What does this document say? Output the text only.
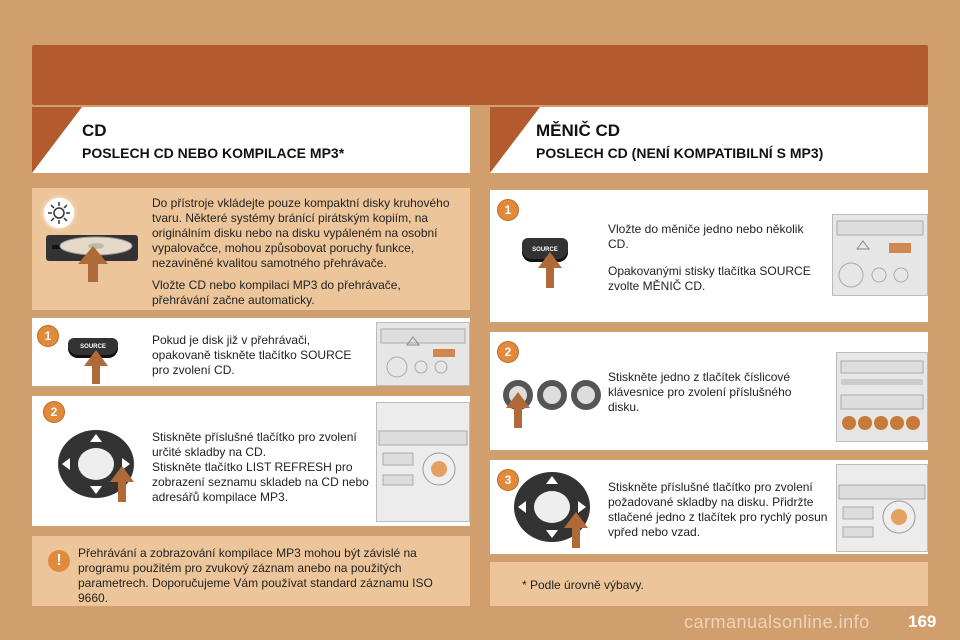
CD
POSLECH CD NEBO KOMPILACE MP3*
MĚNIČ CD
POSLECH CD (NENÍ KOMPATIBILNÍ S MP3)
Do přístroje vkládejte pouze kompaktní disky kruhového tvaru. Některé systémy bránící pirátským kopiím, na originálním disku nebo na disku vypáleném na osobní vypalovačce, mohou způsobovat poruchy funkce, nezaviněné kvalitou samotného přehrávače.
Vložte CD nebo kompilaci MP3 do přehrávače, přehrávání začne automaticky.
1
SOURCE	Pokud je disk již v přehrávači, opakovaně tiskněte tlačítko SOURCE pro zvolení CD.
2
Stiskněte příslušné tlačítko pro zvolení určité skladby na CD.
Stiskněte tlačítko LIST REFRESH pro zobrazení seznamu skladeb na CD nebo adresářů kompilace MP3.
!	Přehrávání a zobrazování kompilace MP3 mohou být závislé na programu použitém pro zvukový záznam anebo na použitých parametrech. Doporučujeme Vám používat standard záznamu ISO 9660.
1
SOURCE
Vložte do měniče jedno nebo několik CD.
Opakovanými stisky tlačítka SOURCE zvolte MĚNIČ CD.
2
Stiskněte jedno z tlačítek číslicové klávesnice pro zvolení příslušného disku.
3	Stiskněte příslušné tlačítko pro zvolení požadované skladby na disku. Přidržte stlačené jedno z tlačítek pro rychlý posun vpřed nebo vzad.
* Podle úrovně výbavy.
carmanualsonline.info 169
